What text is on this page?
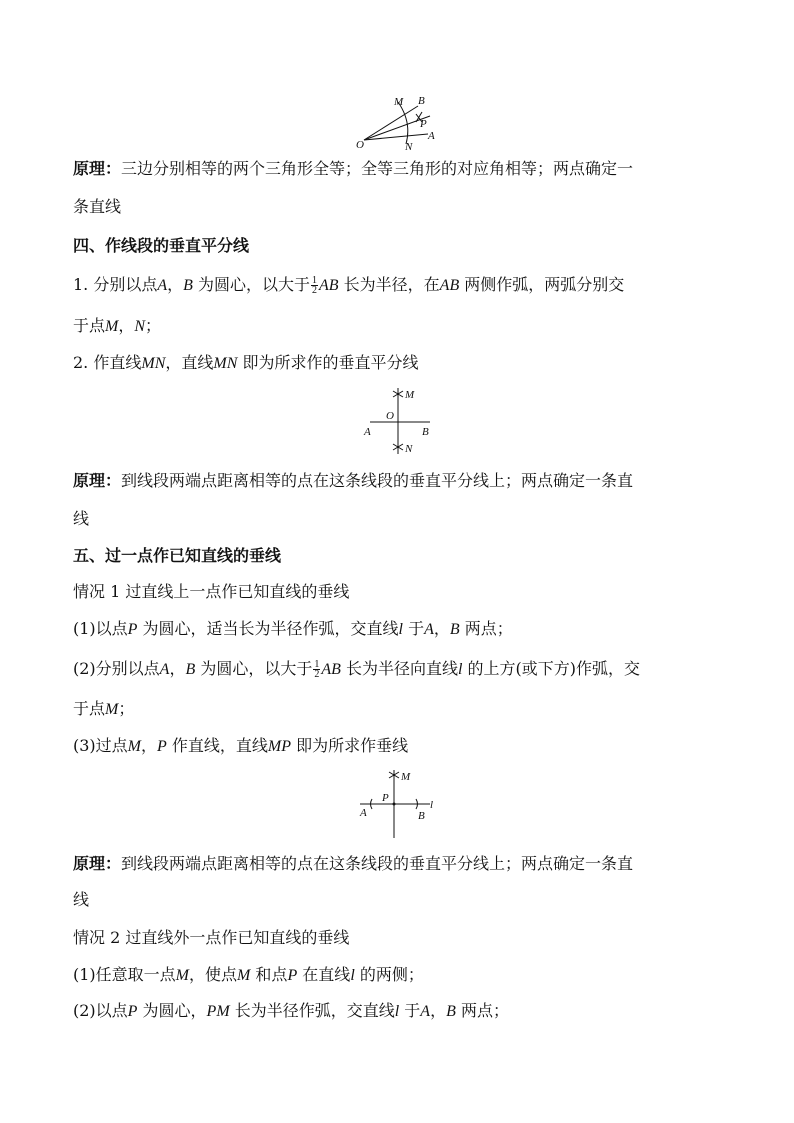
M B
P
O	N
A
原理：三边分别相等的两个三角形全等；全等三角形的对应角相等；两点确定一
条直线
四、作线段的垂直平分线
1. 分别以点A，B 为圆心，以大于 $\frac{1}{2}$ AB 长为半径，在AB 两侧作弧，两弧分别交
于点M，N；
2. 作直线MN，直线MN 即为所求作的垂直平分线
M
O
A	B
N
原理：到线段两端点距离相等的点在这条线段的垂直平分线上；两点确定一条直
线
五、过一点作已知直线的垂线
情况 1 过直线上一点作已知直线的垂线
(1)以点P 为圆心，适当长为半径作弧，交直线l 于A，B 两点；
(2)分别以点A，B 为圆心，以大于 $\frac{1}{2}$ AB 长为半径向直线l 的上方(或下方)作弧，交
于点M；
(3)过点M，P 作直线，直线MP 即为所求作垂线
M
P
l
A	B
原理：到线段两端点距离相等的点在这条线段的垂直平分线上；两点确定一条直
线
情况 2 过直线外一点作已知直线的垂线
(1)任意取一点M，使点M 和点P 在直线l 的两侧；
(2)以点P 为圆心，PM 长为半径作弧，交直线l 于A，B 两点；
